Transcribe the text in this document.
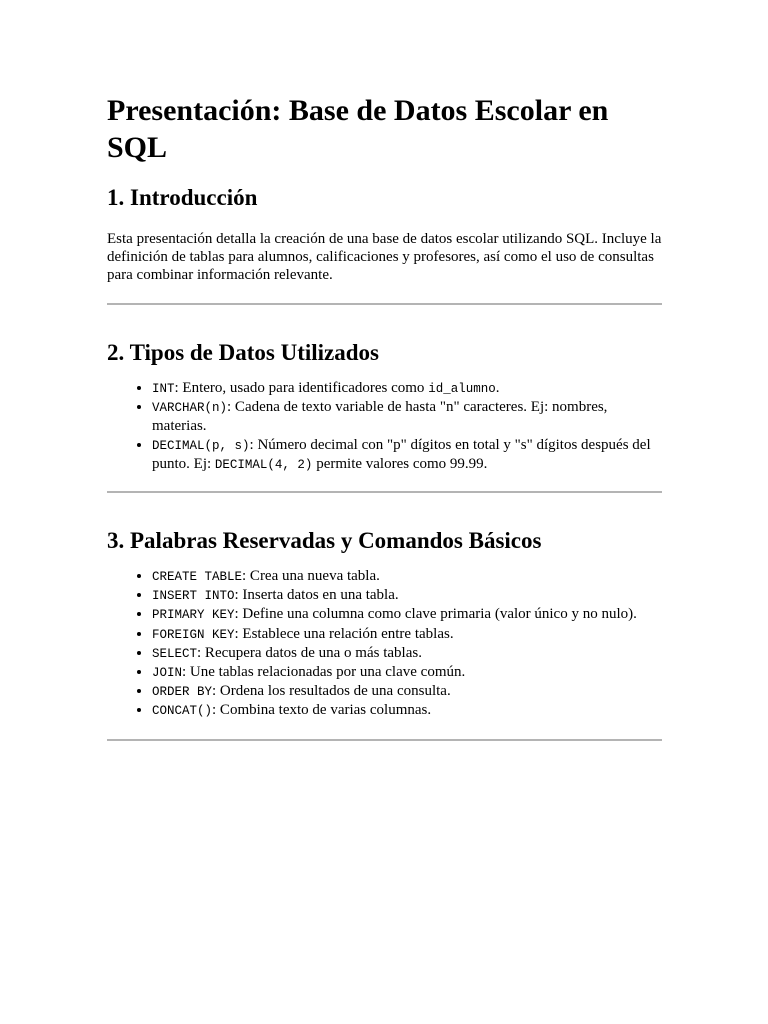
Presentación: Base de Datos Escolar en SQL
1. Introducción

Esta presentación detalla la creación de una base de datos escolar utilizando SQL. Incluye la definición de tablas para alumnos, calificaciones y profesores, así como el uso de consultas para combinar información relevante.

2. Tipos de Datos Utilizados
• INT: Entero, usado para identificadores como id_alumno.
• VARCHAR(n): Cadena de texto variable de hasta "n" caracteres. Ej: nombres, materias.
• DECIMAL(p, s): Número decimal con "p" dígitos en total y "s" dígitos después del punto. Ej: DECIMAL(4, 2) permite valores como 99.99.
3. Palabras Reservadas y Comandos Básicos
• CREATE TABLE: Crea una nueva tabla.
• INSERT INTO: Inserta datos en una tabla.
• PRIMARY KEY: Define una columna como clave primaria (valor único y no nulo).
• FOREIGN KEY: Establece una relación entre tablas.
• SELECT: Recupera datos de una o más tablas.
• JOIN: Une tablas relacionadas por una clave común.
• ORDER BY: Ordena los resultados de una consulta.
• CONCAT(): Combina texto de varias columnas.
